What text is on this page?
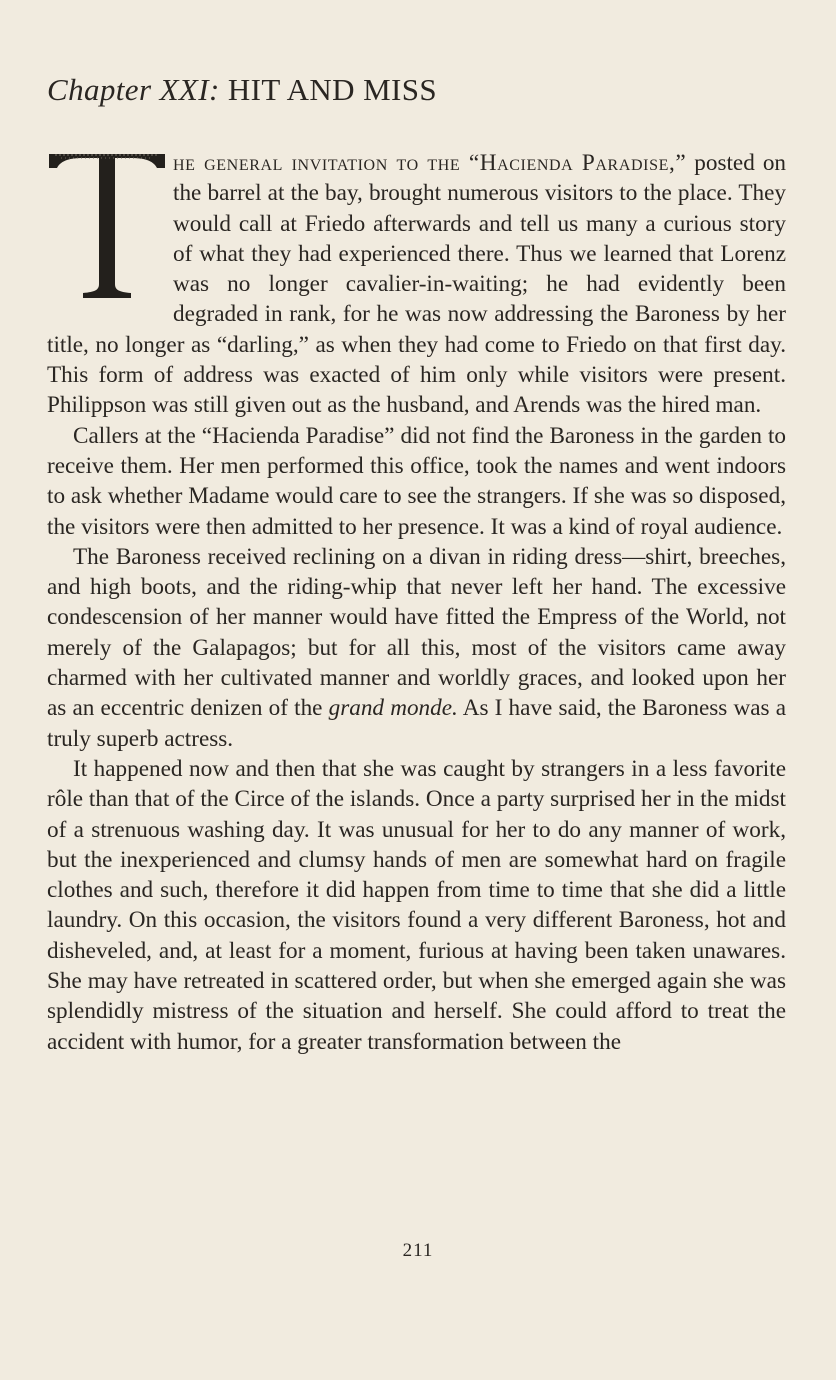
Chapter XXI: HIT AND MISS

he general invitation to the “Hacienda Paradise,” posted on the barrel at the bay, brought numerous visitors to the place. They would call at Friedo afterwards and tell us many a curious story of what they had experienced there. Thus we learned that Lorenz was no longer cavalier-in-waiting; he had evidently been degraded in rank, for he was now addressing the Baroness by her title, no longer as “darling,” as when they had come to Friedo on that first day. This form of address was exacted of him only while visitors were present. Philippson was still given out as the husband, and Arends was the hired man.

Callers at the “Hacienda Paradise” did not find the Baroness in the garden to receive them. Her men performed this office, took the names and went indoors to ask whether Madame would care to see the strangers. If she was so disposed, the visitors were then admitted to her presence. It was a kind of royal audience.

The Baroness received reclining on a divan in riding dress—shirt, breeches, and high boots, and the riding-whip that never left her hand. The excessive condescension of her manner would have fitted the Empress of the World, not merely of the Galapagos; but for all this, most of the visitors came away charmed with her cultivated manner and worldly graces, and looked upon her as an eccentric denizen of the grand monde. As I have said, the Baroness was a truly superb actress.

It happened now and then that she was caught by strangers in a less favorite rôle than that of the Circe of the islands. Once a party surprised her in the midst of a strenuous washing day. It was unusual for her to do any manner of work, but the inexperienced and clumsy hands of men are somewhat hard on fragile clothes and such, therefore it did happen from time to time that she did a little laundry. On this occasion, the visitors found a very different Baroness, hot and disheveled, and, at least for a moment, furious at having been taken unawares. She may have retreated in scattered order, but when she emerged again she was splendidly mistress of the situation and herself. She could afford to treat the accident with humor, for a greater transformation between the

211
